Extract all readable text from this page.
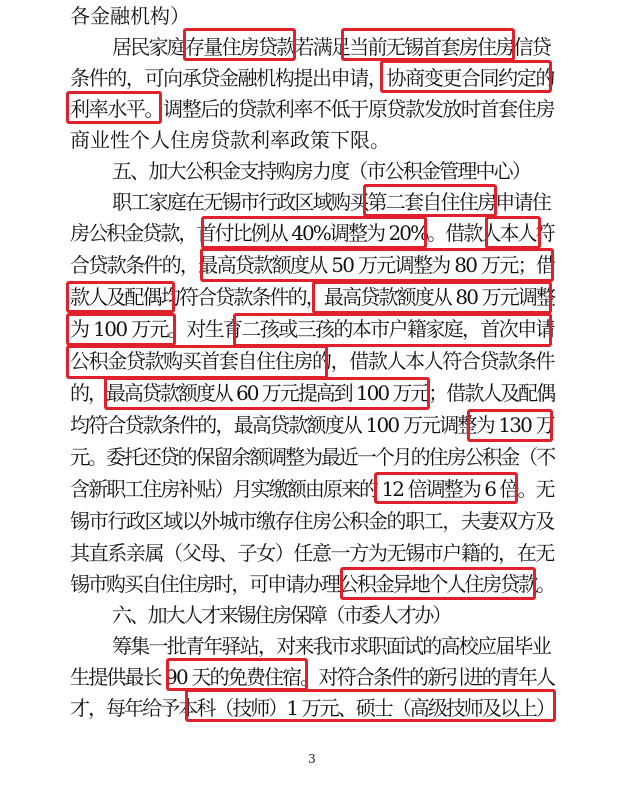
各金融机构）
居民家庭存量住房贷款若满足当前无锡首套房住房信贷
条件的，可向承贷金融机构提出申请，协商变更合同约定的
利率水平。调整后的贷款利率不低于原贷款发放时首套住房
商业性个人住房贷款利率政策下限。
五、加大公积金支持购房力度（市公积金管理中心）
职工家庭在无锡市行政区域购买第二套自住住房申请住
房公积金贷款，首付比例从 40%调整为 20%。借款人本人符
合贷款条件的，最高贷款额度从 50 万元调整为 80 万元；借
款人及配偶均符合贷款条件的，最高贷款额度从 80 万元调整
为 100 万元。对生育二孩或三孩的本市户籍家庭，首次申请
公积金贷款购买首套自住住房的，借款人本人符合贷款条件
的，最高贷款额度从 60 万元提高到 100 万元；借款人及配偶
均符合贷款条件的，最高贷款额度从 100 万元调整为 130 万
元。委托还贷的保留余额调整为最近一个月的住房公积金（不
含新职工住房补贴）月实缴额由原来的 12 倍调整为 6 倍。无
锡市行政区域以外城市缴存住房公积金的职工，夫妻双方及
其直系亲属（父母、子女）任意一方为无锡市户籍的，在无
锡市购买自住住房时，可申请办理公积金异地个人住房贷款。
六、加大人才来锡住房保障（市委人才办）
筹集一批青年驿站，对来我市求职面试的高校应届毕业
生提供最长 90 天的免费住宿。对符合条件的新引进的青年人
才，每年给予本科（技师）1 万元、硕士（高级技师及以上）
3
